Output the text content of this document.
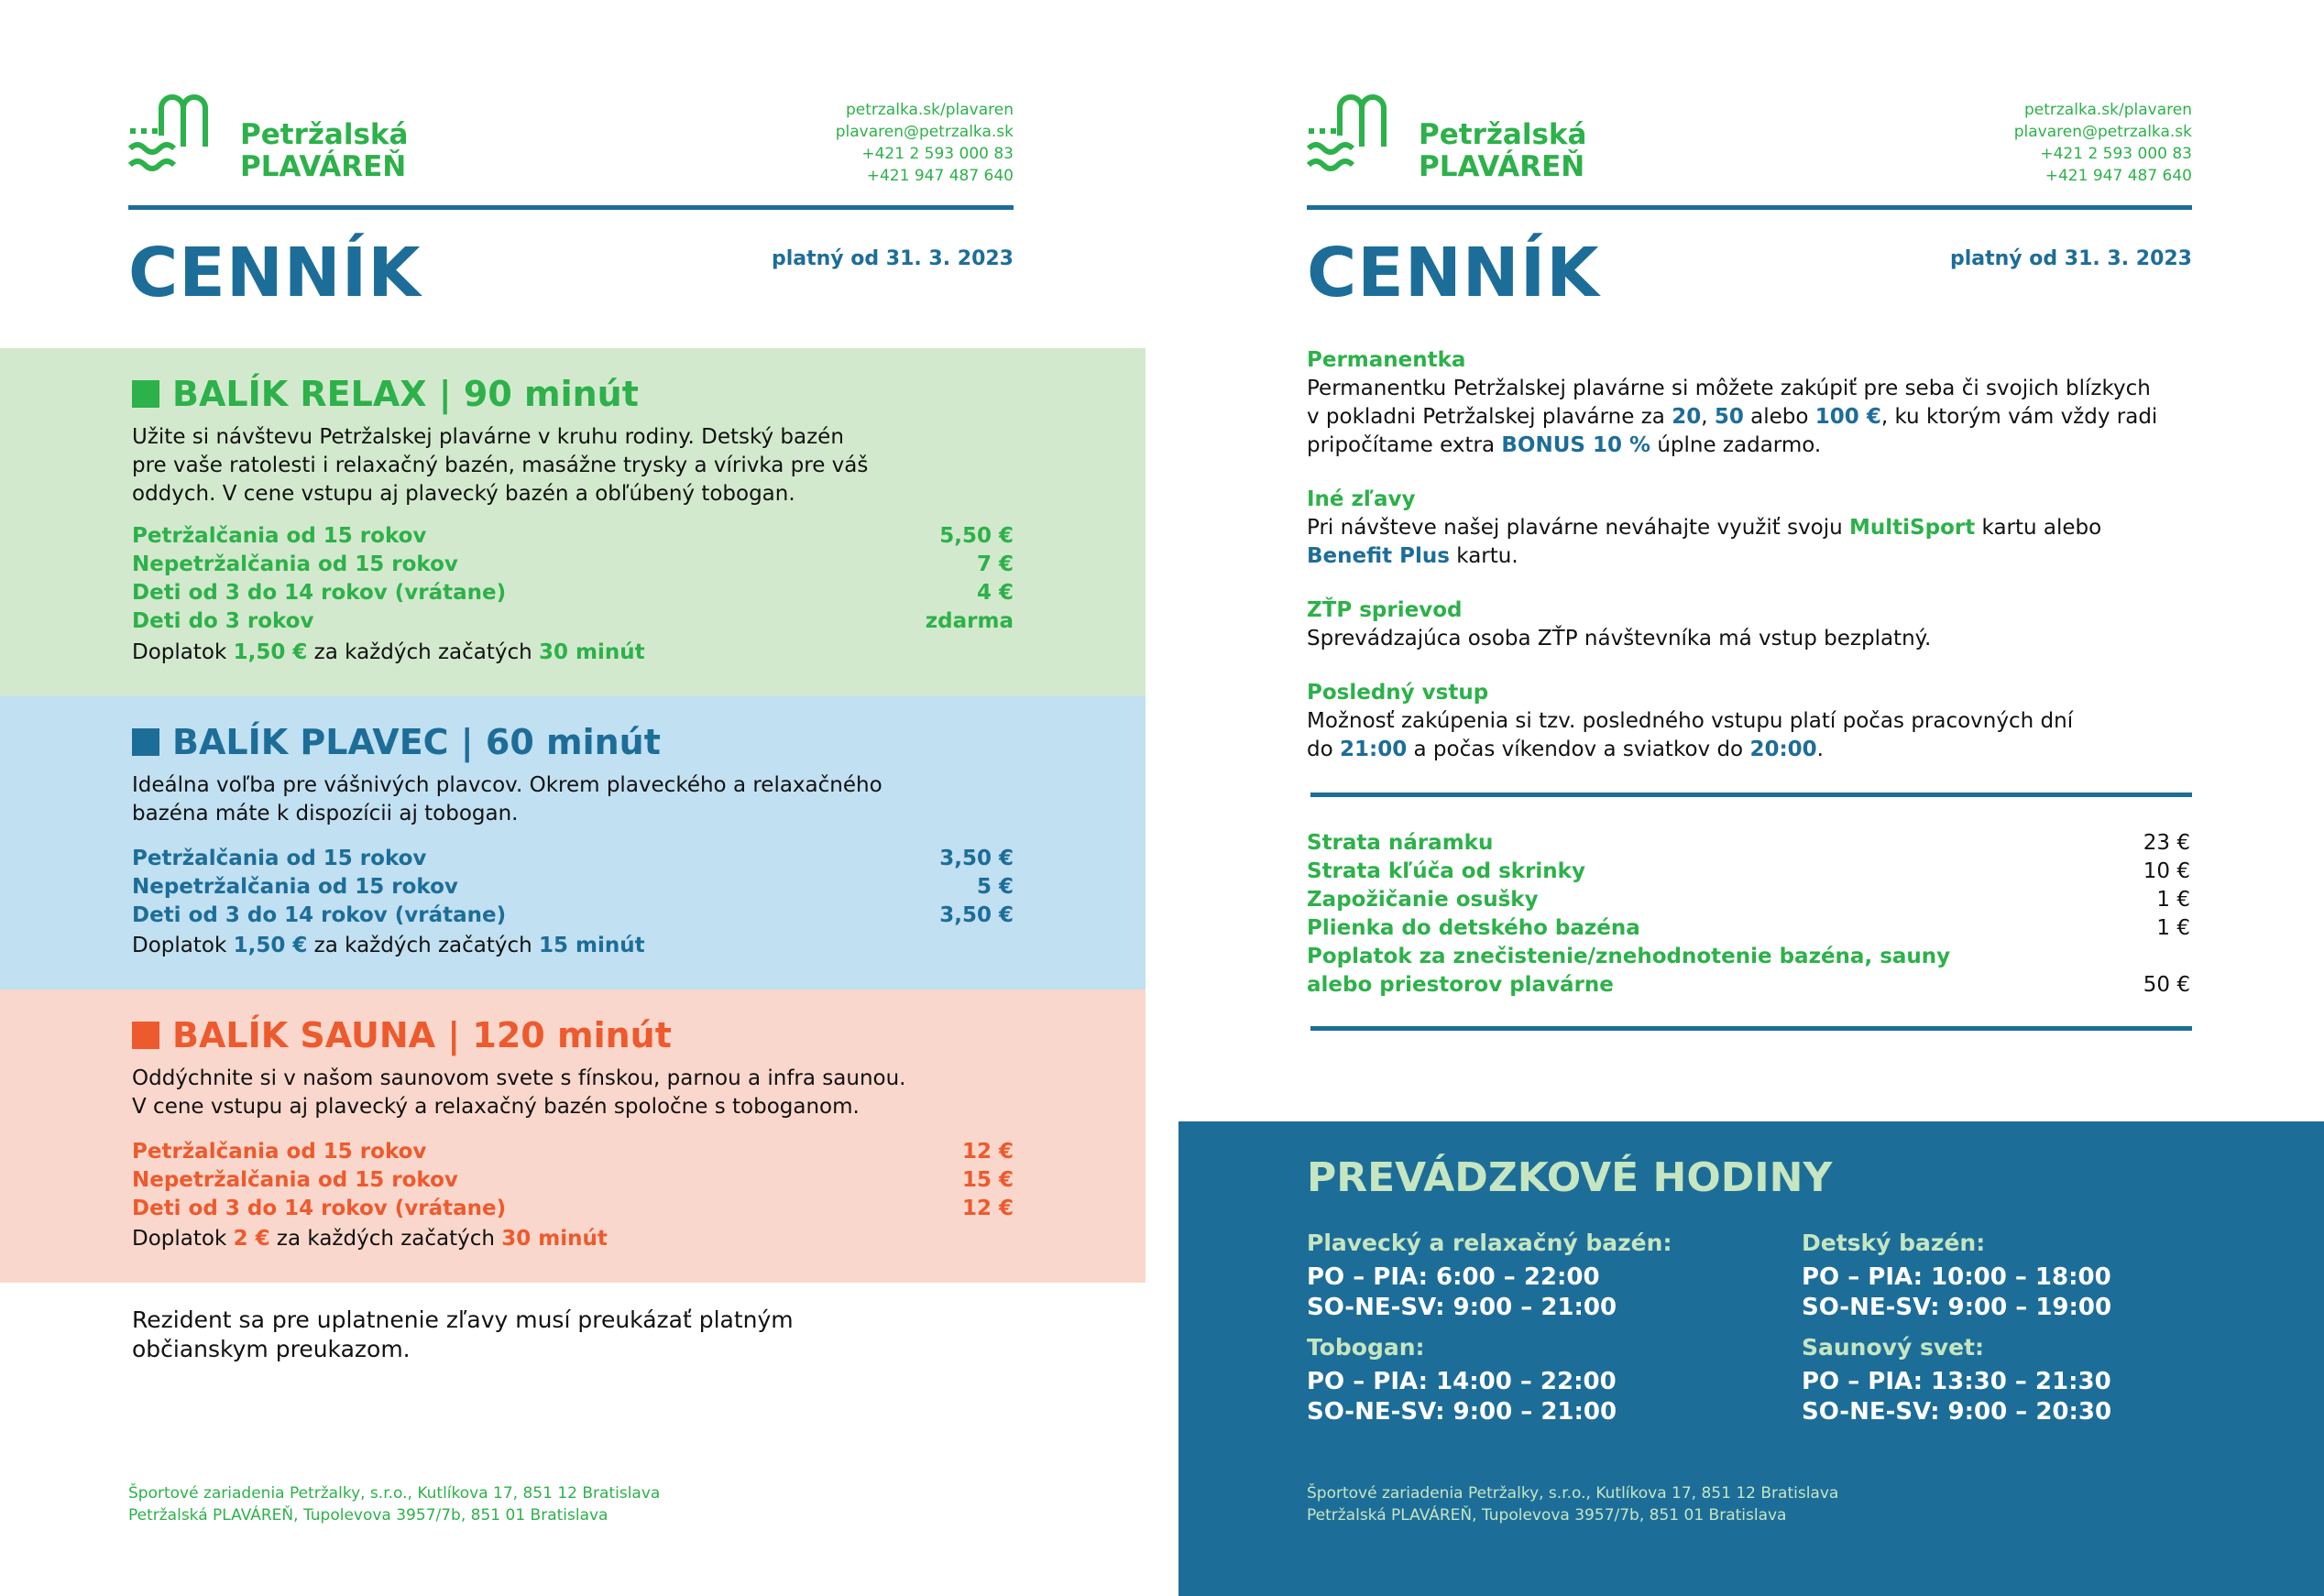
Petržalská
PLAVÁREŇ
petrzalka.sk/plavaren
plavaren@petrzalka.sk
+421 2 593 000 83
+421 947 487 640
CENNÍK	platný od 31. 3. 2023
BALÍK RELAX | 90 minút
Užite si návštevu Petržalskej plavárne v kruhu rodiny. Detský bazén
pre vaše ratolesti i relaxačný bazén, masážne trysky a vírivka pre váš
oddych. V cene vstupu aj plavecký bazén a obľúbený tobogan.
Petržalčania od 15 rokov	5,50 €
Nepetržalčania od 15 rokov	7 €
Deti od 3 do 14 rokov (vrátane)	4 €
Deti do 3 rokov	zdarma
Doplatok 1,50 € za každých začatých 30 minút
BALÍK PLAVEC | 60 minút
Ideálna voľba pre vášnivých plavcov. Okrem plaveckého a relaxačného
bazéna máte k dispozícii aj tobogan.
Petržalčania od 15 rokov	3,50 €
Nepetržalčania od 15 rokov	5 €
Deti od 3 do 14 rokov (vrátane)	3,50 €
Doplatok 1,50 € za každých začatých 15 minút
BALÍK SAUNA | 120 minút
Oddýchnite si v našom saunovom svete s fínskou, parnou a infra saunou.
V cene vstupu aj plavecký a relaxačný bazén spoločne s toboganom.
Petržalčania od 15 rokov	12 €
Nepetržalčania od 15 rokov	15 €
Deti od 3 do 14 rokov (vrátane)	12 €
Doplatok 2 € za každých začatých 30 minút
Rezident sa pre uplatnenie zľavy musí preukázať platným
občianskym preukazom.
Športové zariadenia Petržalky, s.r.o., Kutlíkova 17, 851 12 Bratislava
Petržalská PLAVÁREŇ, Tupolevova 3957/7b, 851 01 Bratislava
Petržalská
PLAVÁREŇ
petrzalka.sk/plavaren
plavaren@petrzalka.sk
+421 2 593 000 83
+421 947 487 640
CENNÍK	platný od 31. 3. 2023
Permanentka
Permanentku Petržalskej plavárne si môžete zakúpiť pre seba či svojich blízkych
v pokladni Petržalskej plavárne za 20, 50 alebo 100 €, ku ktorým vám vždy radi
pripočítame extra BONUS 10 % úplne zadarmo.
Iné zľavy
Pri návšteve našej plavárne neváhajte využiť svoju MultiSport kartu alebo
Benefit Plus kartu.
ZŤP sprievod
Sprevádzajúca osoba ZŤP návštevníka má vstup bezplatný.
Posledný vstup
Možnosť zakúpenia si tzv. posledného vstupu platí počas pracovných dní
do 21:00 a počas víkendov a sviatkov do 20:00.
Strata náramku	23 €
Strata kľúča od skrinky	10 €
Zapožičanie osušky	1 €
Plienka do detského bazéna	1 €
Poplatok za znečistenie/znehodnotenie bazéna, sauny
alebo priestorov plavárne	50 €
PREVÁDZKOVÉ HODINY
Plavecký a relaxačný bazén:
PO – PIA: 6:00 – 22:00
SO-NE-SV: 9:00 – 21:00
Detský bazén:
PO – PIA: 10:00 – 18:00
SO-NE-SV: 9:00 – 19:00
Tobogan:
PO – PIA: 14:00 – 22:00
SO-NE-SV: 9:00 – 21:00
Saunový svet:
PO – PIA: 13:30 – 21:30
SO-NE-SV: 9:00 – 20:30
Športové zariadenia Petržalky, s.r.o., Kutlíkova 17, 851 12 Bratislava
Petržalská PLAVÁREŇ, Tupolevova 3957/7b, 851 01 Bratislava
